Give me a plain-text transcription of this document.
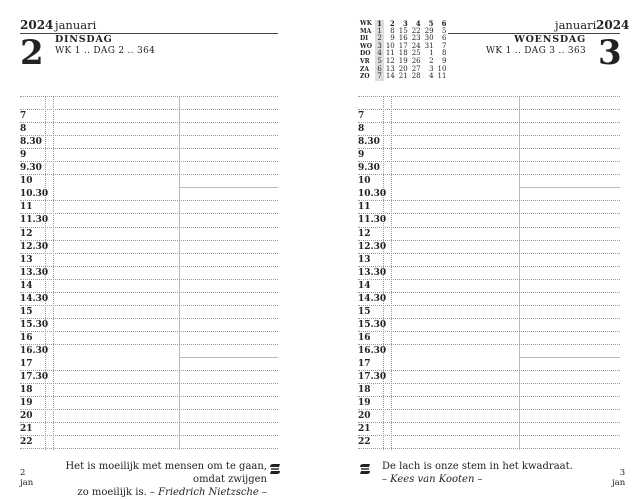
2024 januari
2 DINSDAG
WK 1 .. DAG 2 .. 364
7
8
8.30
9
9.30
10
10.30
11
11.30
12
12.30
13
13.30
14
14.30
15
15.30
16
16.30
17
17.30
18
19
20
21
22
Het is moeilijk met mensen om te gaan, omdat zwijgen
zo moeilijk is. – Friedrich Nietzsche –
2
jan
WK	1	2	3	4	5	6
MA	1	8	15	22	29	5
DI	2	9	16	23	30	6
WO	3	10	17	24	31	7
DO	4	11	18	25	1	8
VR	5	12	19	26	2	9
ZA	6	13	20	27	3	10
ZO	7	14	21	28	4	11
januari 2024
WOENSDAG
WK 1 .. DAG 3 .. 363 3
7
8
8.30
9
9.30
10
10.30
11
11.30
12
12.30
13
13.30
14
14.30
15
15.30
16
16.30
17
17.30
18
19
20
21
22
De lach is onze stem in het kwadraat.
– Kees van Kooten –
3
jan
